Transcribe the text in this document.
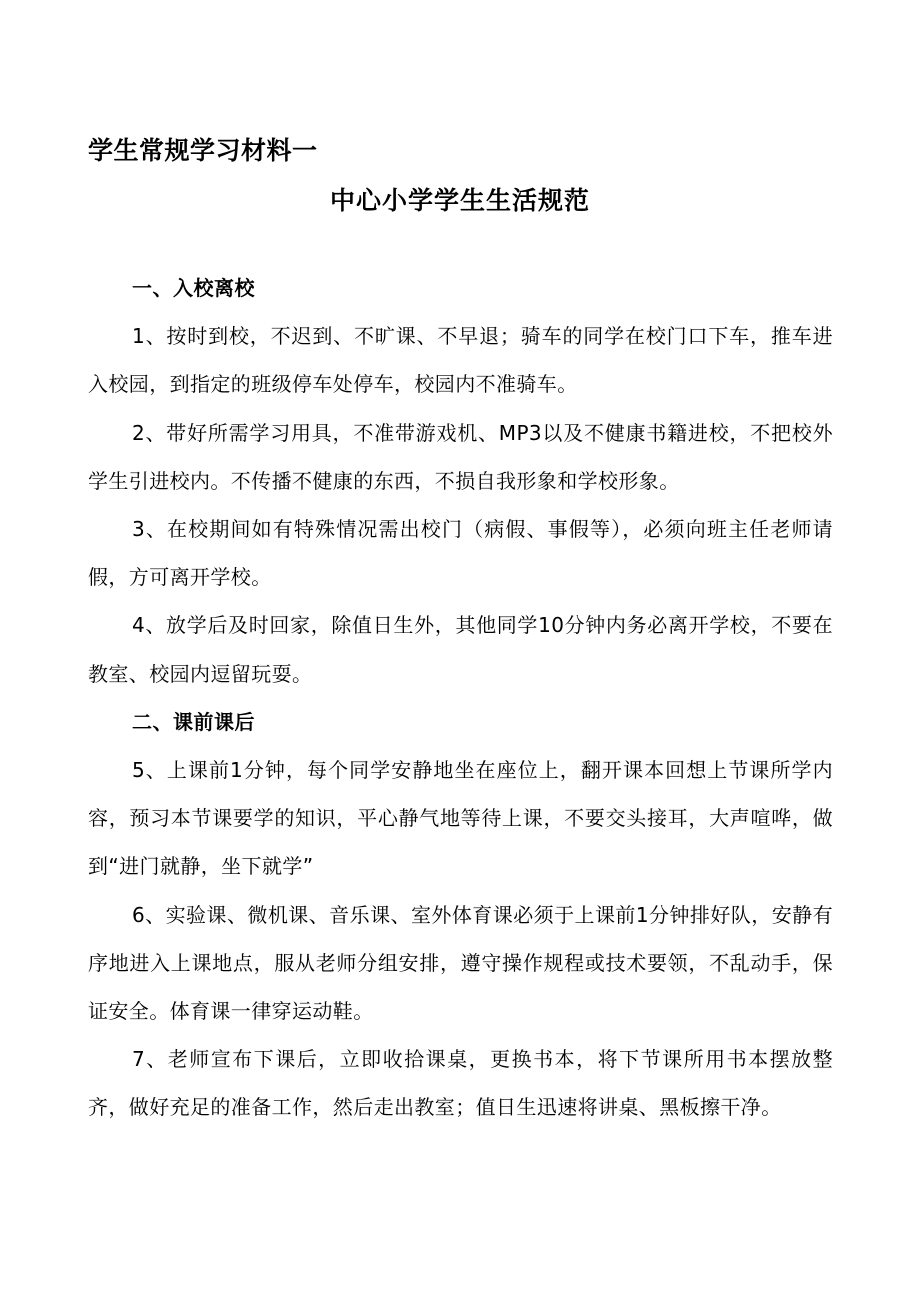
学生常规学习材料一
中心小学学生生活规范

一、入校离校

1、按时到校，不迟到、不旷课、不早退；骑车的同学在校门口下车，推车进入校园，到指定的班级停车处停车，校园内不准骑车。

2、带好所需学习用具，不准带游戏机、MP3以及不健康书籍进校，不把校外学生引进校内。不传播不健康的东西，不损自我形象和学校形象。

3、在校期间如有特殊情况需出校门（病假、事假等），必须向班主任老师请假，方可离开学校。

4、放学后及时回家，除值日生外，其他同学10分钟内务必离开学校，不要在教室、校园内逗留玩耍。

二、课前课后

5、上课前1分钟，每个同学安静地坐在座位上，翻开课本回想上节课所学内容，预习本节课要学的知识，平心静气地等待上课，不要交头接耳，大声喧哗，做到“进门就静，坐下就学”

6、实验课、微机课、音乐课、室外体育课必须于上课前1分钟排好队，安静有序地进入上课地点，服从老师分组安排，遵守操作规程或技术要领，不乱动手，保证安全。体育课一律穿运动鞋。

7、老师宣布下课后，立即收拾课桌，更换书本，将下节课所用书本摆放整齐，做好充足的准备工作，然后走出教室；值日生迅速将讲桌、黑板擦干净。
